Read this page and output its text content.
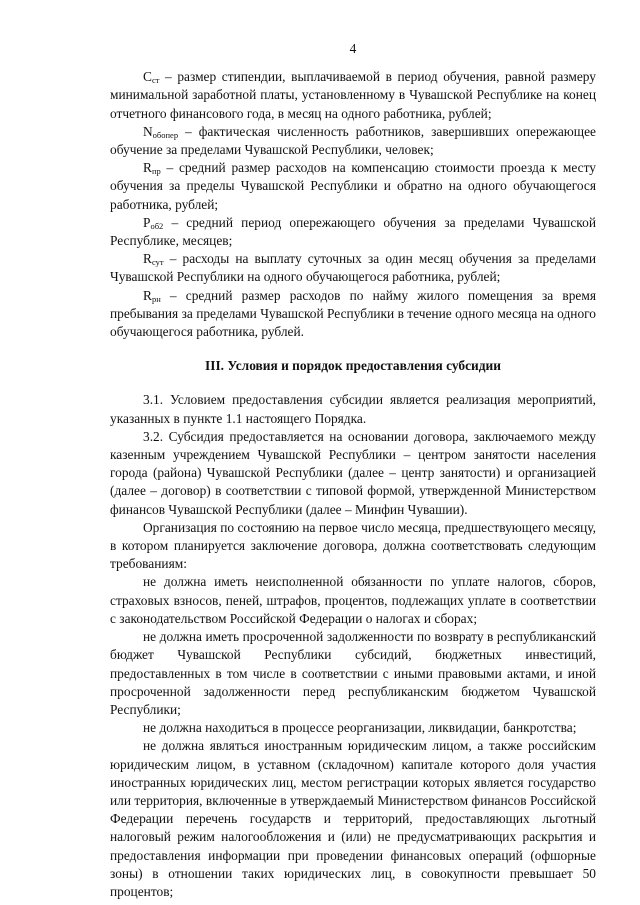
4

$C_{ст}$ – размер стипендии, выплачиваемой в период обучения, равной размеру минимальной заработной платы, установленному в Чувашской Республике на конец отчетного финансового года, в месяц на одного работника, рублей;

$N_{обопер}$ – фактическая численность работников, завершивших опережающее обучение за пределами Чувашской Республики, человек;

$R_{пр}$ – средний размер расходов на компенсацию стоимости проезда к месту обучения за пределы Чувашской Республики и обратно на одного обучающегося работника, рублей;

$P_{об2}$ – средний период опережающего обучения за пределами Чувашской Республике, месяцев;

$R_{сут}$ – расходы на выплату суточных за один месяц обучения за пределами Чувашской Республики на одного обучающегося работника, рублей;

$R_{рн}$ – средний размер расходов по найму жилого помещения за время пребывания за пределами Чувашской Республики в течение одного месяца на одного обучающегося работника, рублей.

III. Условия и порядок предоставления субсидии

3.1. Условием предоставления субсидии является реализация мероприятий, указанных в пункте 1.1 настоящего Порядка.

3.2. Субсидия предоставляется на основании договора, заключаемого между казенным учреждением Чувашской Республики – центром занятости населения города (района) Чувашской Республики (далее – центр занятости) и организацией (далее – договор) в соответствии с типовой формой, утвержденной Министерством финансов Чувашской Республики (далее – Минфин Чувашии).

Организация по состоянию на первое число месяца, предшествующего месяцу, в котором планируется заключение договора, должна соответствовать следующим требованиям:

не должна иметь неисполненной обязанности по уплате налогов, сборов, страховых взносов, пеней, штрафов, процентов, подлежащих уплате в соответствии с законодательством Российской Федерации о налогах и сборах;

не должна иметь просроченной задолженности по возврату в республиканский бюджет Чувашской Республики субсидий, бюджетных инвестиций, предоставленных в том числе в соответствии с иными правовыми актами, и иной просроченной задолженности перед республиканским бюджетом Чувашской Республики;

не должна находиться в процессе реорганизации, ликвидации, банкротства;

не должна являться иностранным юридическим лицом, а также российским юридическим лицом, в уставном (складочном) капитале которого доля участия иностранных юридических лиц, местом регистрации которых является государство или территория, включенные в утверждаемый Министерством финансов Российской Федерации перечень государств и территорий, предоставляющих льготный налоговый режим налогообложения и (или) не предусматривающих раскрытия и предоставления информации при проведении финансовых операций (офшорные зоны) в отношении таких юридических лиц, в совокупности превышает 50 процентов;
